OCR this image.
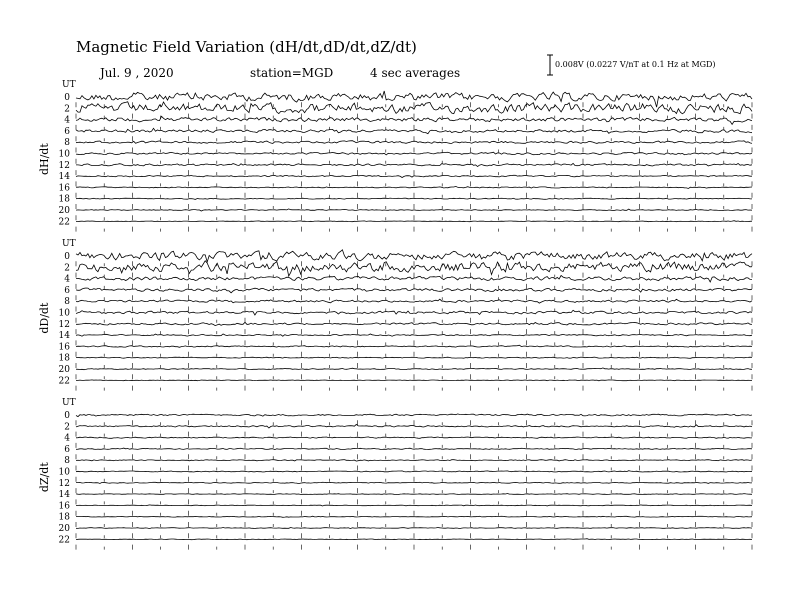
Magnetic Field Variation (dH/dt,dD/dt,dZ/dt)
Jul. 9 , 2020	station=MGD	4 sec averages
0.008V (0.0227 V/nT at 0.1 Hz at MGD)
UT
dH/dt
0
2
4
6
8
10
12
14
16
18
20
22
UT
dD/dt
0
2
4
6
8
10
12
14
16
18
20
22
UT
dZ/dt
0
2
4
6
8
10
12
14
16
18
20
22
